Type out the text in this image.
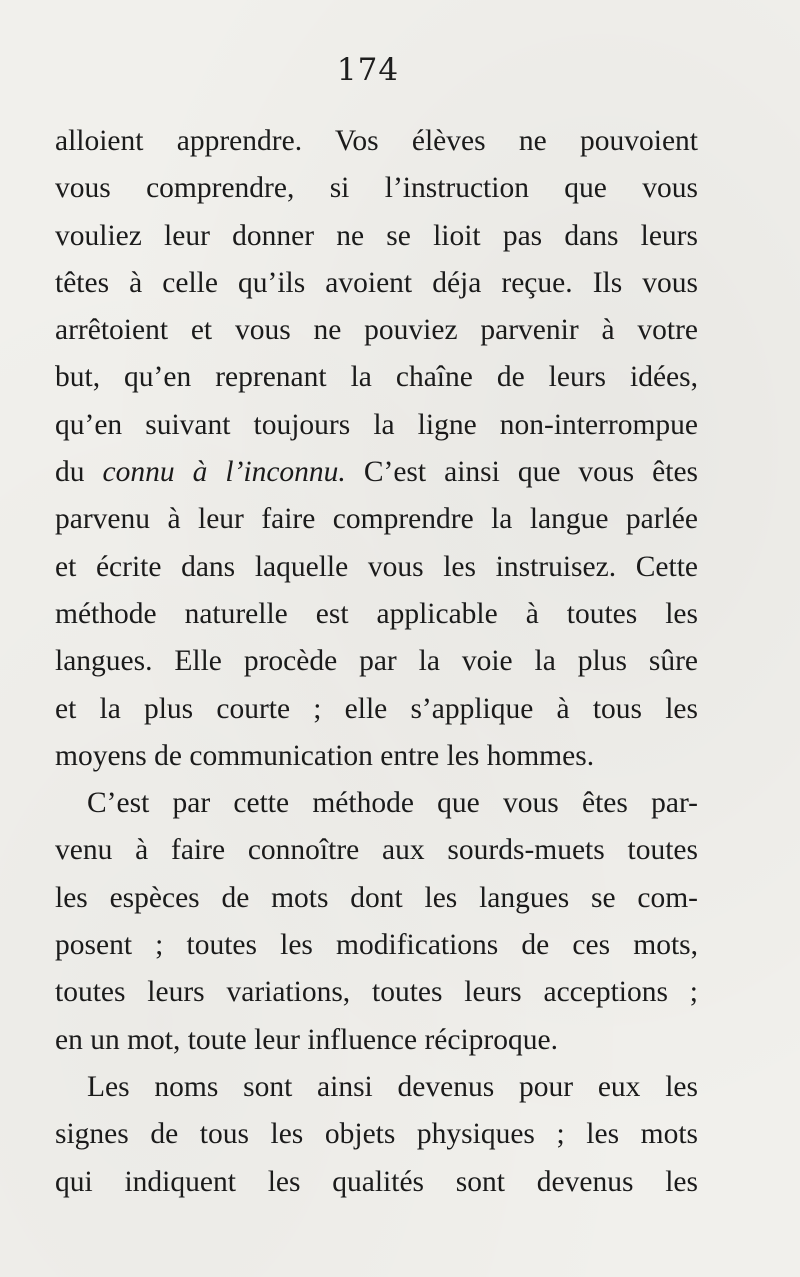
174
alloient apprendre. Vos élèves ne pouvoient
vous comprendre, si l’instruction que vous
vouliez leur donner ne se lioit pas dans leurs
têtes à celle qu’ils avoient déja reçue. Ils vous
arrêtoient et vous ne pouviez parvenir à votre
but, qu’en reprenant la chaîne de leurs idées,
qu’en suivant toujours la ligne non-interrompue
du connu à l’inconnu. C’est ainsi que vous êtes
parvenu à leur faire comprendre la langue parlée
et écrite dans laquelle vous les instruisez. Cette
méthode naturelle est applicable à toutes les
langues. Elle procède par la voie la plus sûre
et la plus courte ; elle s’applique à tous les
moyens de communication entre les hommes.
C’est par cette méthode que vous êtes par-
venu à faire connoître aux sourds-muets toutes
les espèces de mots dont les langues se com-
posent ; toutes les modifications de ces mots,
toutes leurs variations, toutes leurs acceptions ;
en un mot, toute leur influence réciproque.
Les noms sont ainsi devenus pour eux les
signes de tous les objets physiques ; les mots
qui indiquent les qualités sont devenus les
